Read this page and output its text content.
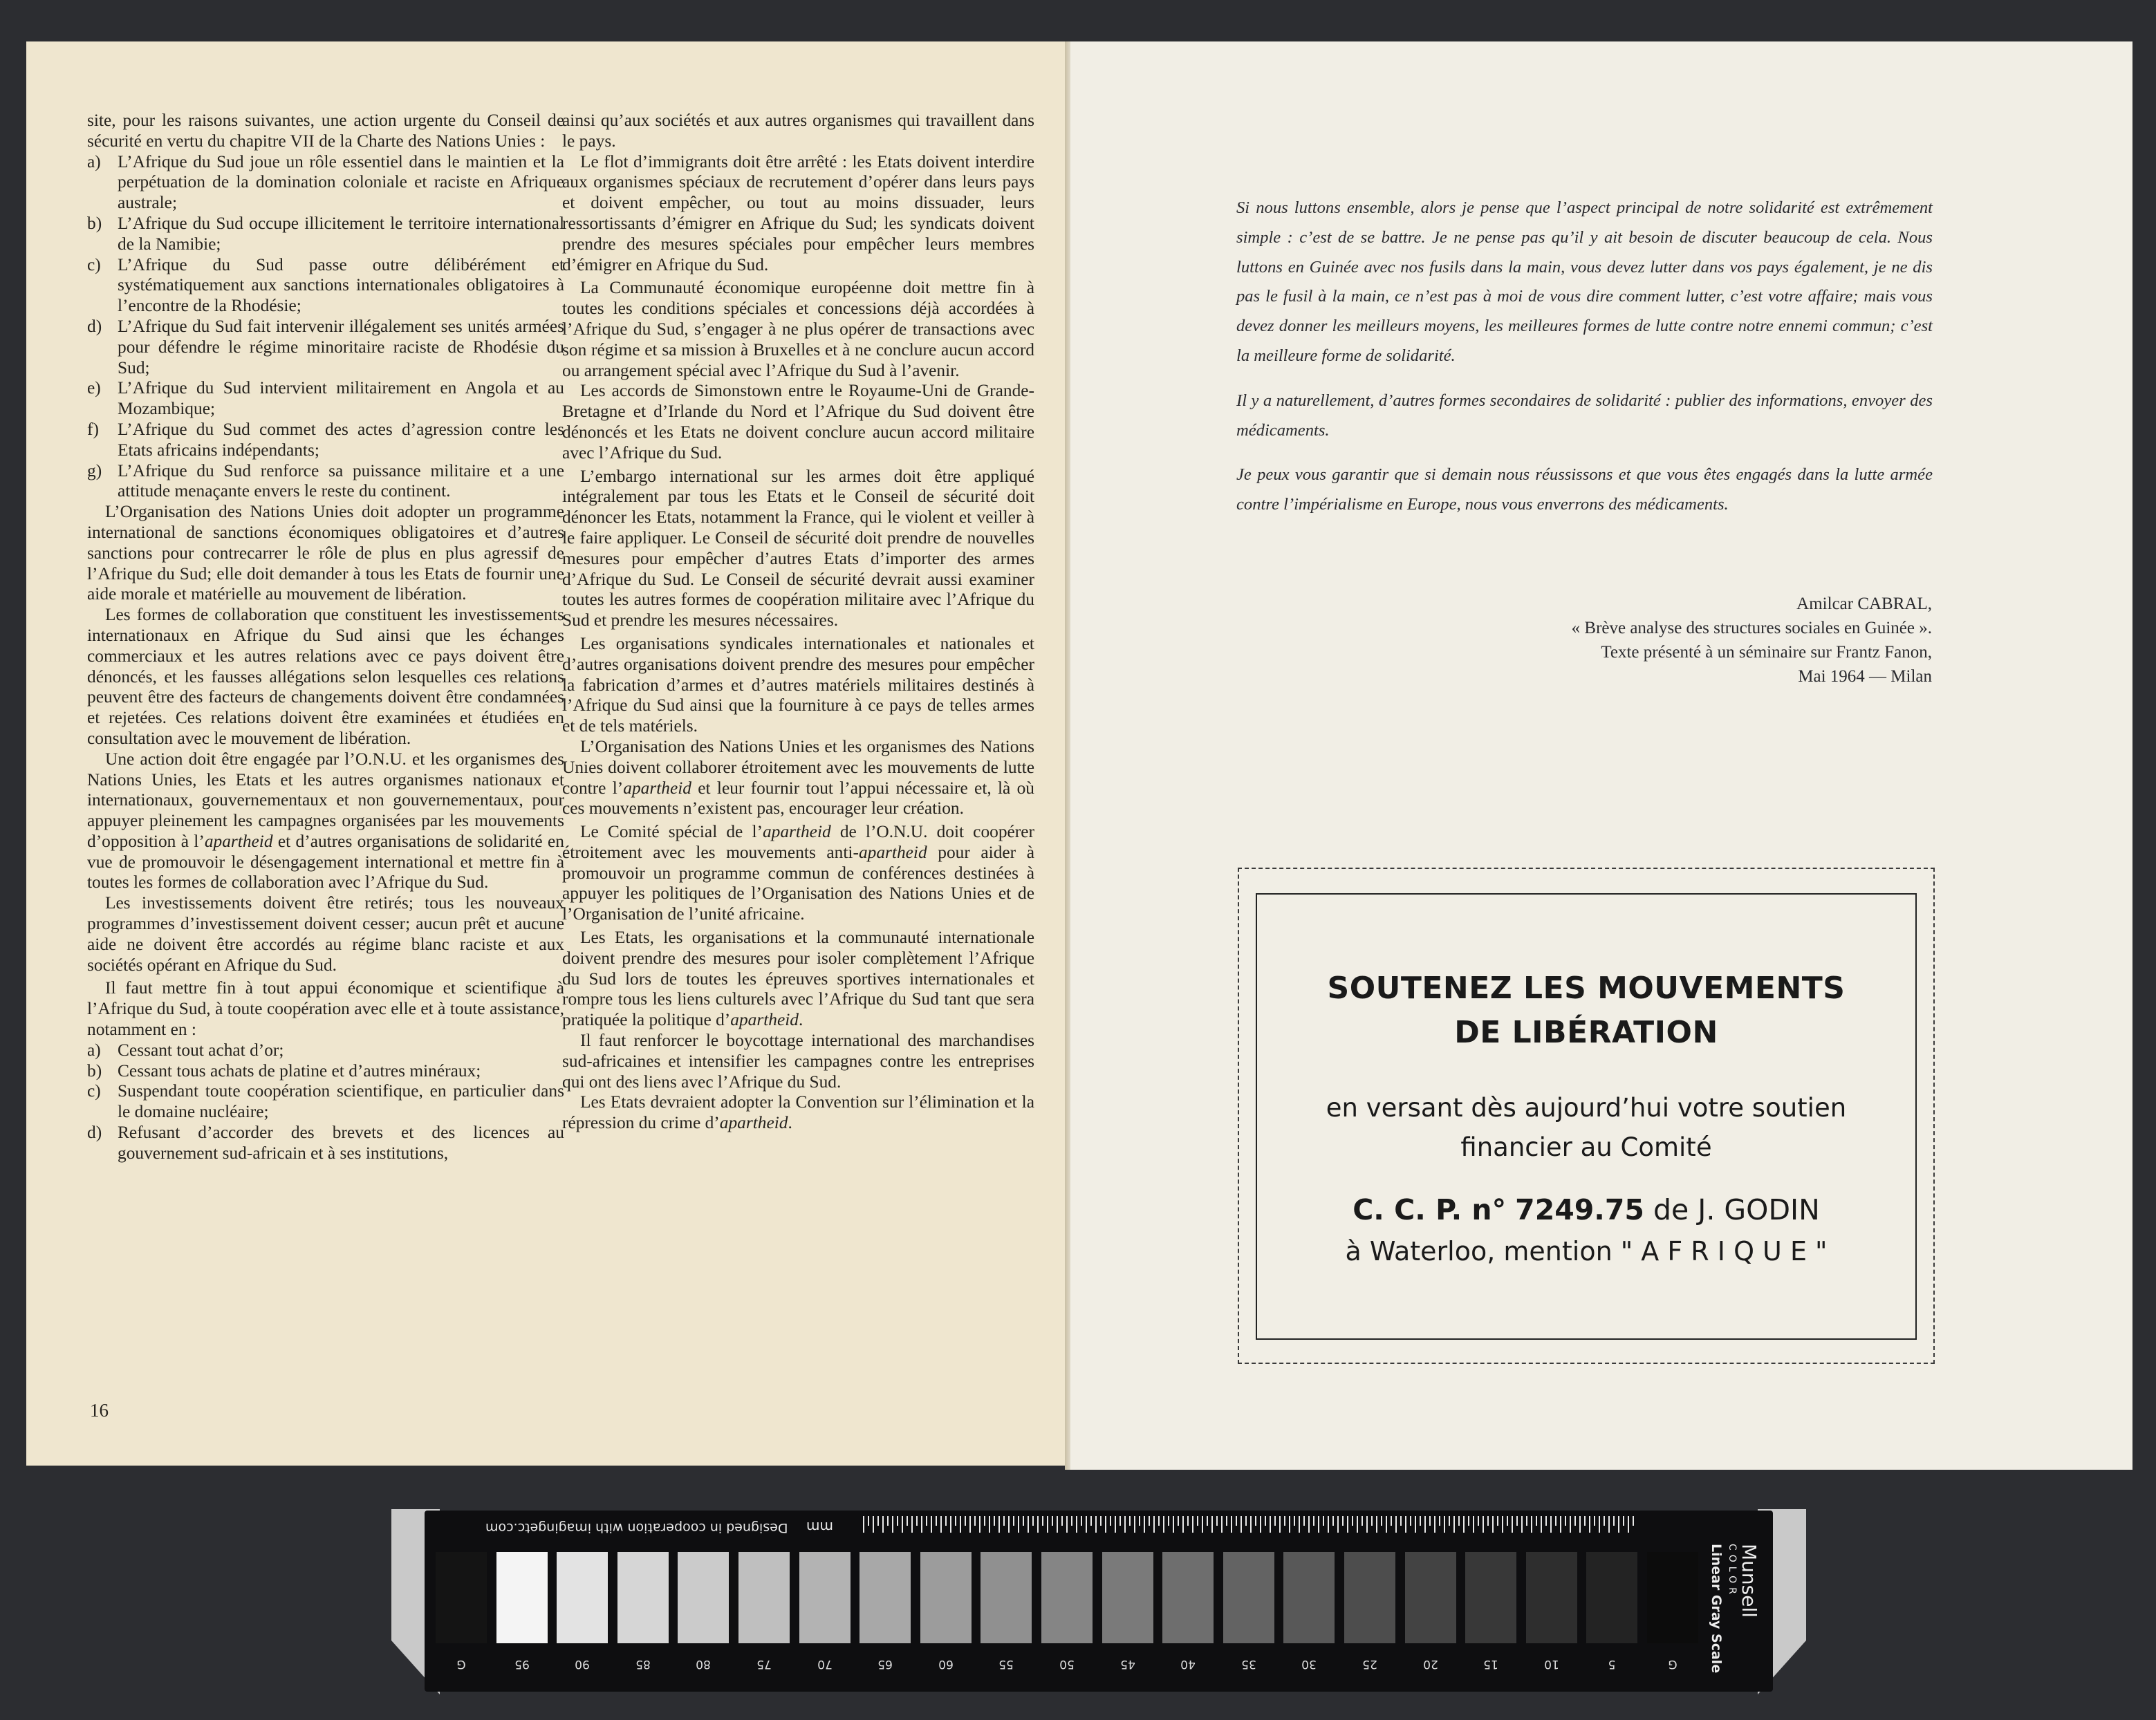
site, pour les raisons suivantes, une action urgente du Conseil de sécurité en vertu du chapitre VII de la Charte des Nations Unies :

a) L’Afrique du Sud joue un rôle essentiel dans le maintien et la perpétuation de la domination coloniale et raciste en Afrique australe;
b) L’Afrique du Sud occupe illicitement le territoire international de la Namibie;
c) L’Afrique du Sud passe outre délibérément et systématiquement aux sanctions internationales obligatoires à l’encontre de la Rhodésie;
d) L’Afrique du Sud fait intervenir illégalement ses unités armées pour défendre le régime minoritaire raciste de Rhodésie du Sud;
e) L’Afrique du Sud intervient militairement en Angola et au Mozambique;
f) L’Afrique du Sud commet des actes d’agression contre les Etats africains indépendants;
g) L’Afrique du Sud renforce sa puissance militaire et a une attitude menaçante envers le reste du continent.

L’Organisation des Nations Unies doit adopter un programme international de sanctions économiques obligatoires et d’autres sanctions pour contrecarrer le rôle de plus en plus agressif de l’Afrique du Sud; elle doit demander à tous les Etats de fournir une aide morale et matérielle au mouvement de libération.

Les formes de collaboration que constituent les investissements internationaux en Afrique du Sud ainsi que les échanges commerciaux et les autres relations avec ce pays doivent être dénoncés, et les fausses allégations selon lesquelles ces relations peuvent être des facteurs de changements doivent être condamnées et rejetées. Ces relations doivent être examinées et étudiées en consultation avec le mouvement de libération.

Une action doit être engagée par l’O.N.U. et les organismes des Nations Unies, les Etats et les autres organismes nationaux et internationaux, gouvernementaux et non gouvernementaux, pour appuyer pleinement les campagnes organisées par les mouvements d’opposition à l’apartheid et d’autres organisations de solidarité en vue de promouvoir le désengagement international et mettre fin à toutes les formes de collaboration avec l’Afrique du Sud.

Les investissements doivent être retirés; tous les nouveaux programmes d’investissement doivent cesser; aucun prêt et aucune aide ne doivent être accordés au régime blanc raciste et aux sociétés opérant en Afrique du Sud.

Il faut mettre fin à tout appui économique et scientifique à l’Afrique du Sud, à toute coopération avec elle et à toute assistance, notamment en :

a) Cessant tout achat d’or;
b) Cessant tous achats de platine et d’autres minéraux;
c) Suspendant toute coopération scientifique, en particulier dans le domaine nucléaire;
d) Refusant d’accorder des brevets et des licences au gouvernement sud-africain et à ses institutions,

ainsi qu’aux sociétés et aux autres organismes qui travaillent dans le pays.

Le flot d’immigrants doit être arrêté : les Etats doivent interdire aux organismes spéciaux de recrutement d’opérer dans leurs pays et doivent empêcher, ou tout au moins dissuader, leurs ressortissants d’émigrer en Afrique du Sud; les syndicats doivent prendre des mesures spéciales pour empêcher leurs membres d’émigrer en Afrique du Sud.

La Communauté économique européenne doit mettre fin à toutes les conditions spéciales et concessions déjà accordées à l’Afrique du Sud, s’engager à ne plus opérer de transactions avec son régime et sa mission à Bruxelles et à ne conclure aucun accord ou arrangement spécial avec l’Afrique du Sud à l’avenir.

Les accords de Simonstown entre le Royaume-Uni de Grande-Bretagne et d’Irlande du Nord et l’Afrique du Sud doivent être dénoncés et les Etats ne doivent conclure aucun accord militaire avec l’Afrique du Sud.

L’embargo international sur les armes doit être appliqué intégralement par tous les Etats et le Conseil de sécurité doit dénoncer les Etats, notamment la France, qui le violent et veiller à le faire appliquer. Le Conseil de sécurité doit prendre de nouvelles mesures pour empêcher d’autres Etats d’importer des armes d’Afrique du Sud. Le Conseil de sécurité devrait aussi examiner toutes les autres formes de coopération militaire avec l’Afrique du Sud et prendre les mesures nécessaires.

Les organisations syndicales internationales et nationales et d’autres organisations doivent prendre des mesures pour empêcher la fabrication d’armes et d’autres matériels militaires destinés à l’Afrique du Sud ainsi que la fourniture à ce pays de telles armes et de tels matériels.

L’Organisation des Nations Unies et les organismes des Nations Unies doivent collaborer étroitement avec les mouvements de lutte contre l’apartheid et leur fournir tout l’appui nécessaire et, là où ces mouvements n’existent pas, encourager leur création.

Le Comité spécial de l’apartheid de l’O.N.U. doit coopérer étroitement avec les mouvements anti-apartheid pour aider à promouvoir un programme commun de conférences destinées à appuyer les politiques de l’Organisation des Nations Unies et de l’Organisation de l’unité africaine.

Les Etats, les organisations et la communauté internationale doivent prendre des mesures pour isoler complètement l’Afrique du Sud lors de toutes les épreuves sportives internationales et rompre tous les liens culturels avec l’Afrique du Sud tant que sera pratiquée la politique d’apartheid.

Il faut renforcer le boycottage international des marchandises sud-africaines et intensifier les campagnes contre les entreprises qui ont des liens avec l’Afrique du Sud.

Les Etats devraient adopter la Convention sur l’élimination et la répression du crime d’apartheid.

16

Si nous luttons ensemble, alors je pense que l’aspect principal de notre solidarité est extrêmement simple : c’est de se battre. Je ne pense pas qu’il y ait besoin de discuter beaucoup de cela. Nous luttons en Guinée avec nos fusils dans la main, vous devez lutter dans vos pays également, je ne dis pas le fusil à la main, ce n’est pas à moi de vous dire comment lutter, c’est votre affaire; mais vous devez donner les meilleurs moyens, les meilleures formes de lutte contre notre ennemi commun; c’est la meilleure forme de solidarité.

Il y a naturellement, d’autres formes secondaires de solidarité : publier des informations, envoyer des médicaments.

Je peux vous garantir que si demain nous réussissons et que vous êtes engagés dans la lutte armée contre l’impérialisme en Europe, nous vous enverrons des médicaments.

Amilcar CABRAL,
« Brève analyse des structures sociales en Guinée ».
Texte présenté à un séminaire sur Frantz Fanon,
Mai 1964 — Milan
SOUTENEZ LES MOUVEMENTS
DE LIBÉRATION
en versant dès aujourd’hui votre soutien
financier au Comité
C. C. P. n° 7249.75 de J. GODIN
à Waterloo, mention " A F R I Q U E "
mm
Designed in cooperation with imagingetc.com
G	95	90	85	80	75	70	65	60	55	50	45	40	35	30	25	20	15	10	5	G
Munsell
COLOR
Linear Gray Scale
